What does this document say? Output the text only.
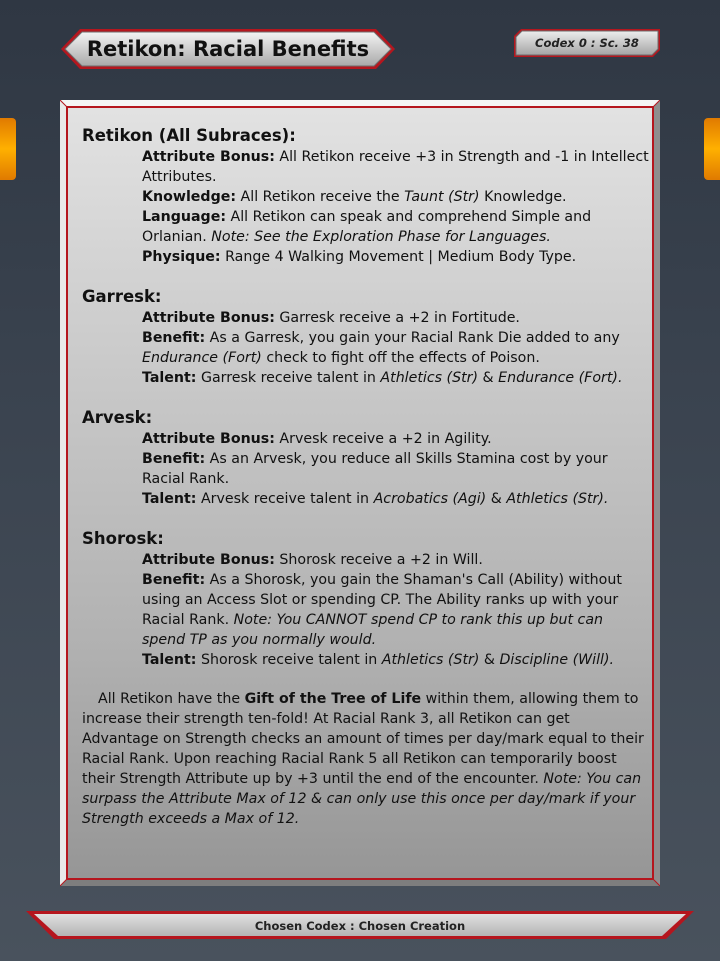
Retikon: Racial Benefits	Codex 0 : Sc. 38
Retikon (All Subraces):
Attribute Bonus: All Retikon receive +3 in Strength and -1 in Intellect Attributes.
Knowledge: All Retikon receive the Taunt (Str) Knowledge.
Language: All Retikon can speak and comprehend Simple and Orlanian. Note: See the Exploration Phase for Languages.
Physique: Range 4 Walking Movement | Medium Body Type.
Garresk:
Attribute Bonus: Garresk receive a +2 in Fortitude.
Benefit: As a Garresk, you gain your Racial Rank Die added to any Endurance (Fort) check to fight off the effects of Poison.
Talent: Garresk receive talent in Athletics (Str) & Endurance (Fort).
Arvesk:
Attribute Bonus: Arvesk receive a +2 in Agility.
Benefit: As an Arvesk, you reduce all Skills Stamina cost by your Racial Rank.
Talent: Arvesk receive talent in Acrobatics (Agi) & Athletics (Str).
Shorosk:
Attribute Bonus: Shorosk receive a +2 in Will.
Benefit: As a Shorosk, you gain the Shaman's Call (Ability) without using an Access Slot or spending CP. The Ability ranks up with your Racial Rank. Note: You CANNOT spend CP to rank this up but can spend TP as you normally would.
Talent: Shorosk receive talent in Athletics (Str) & Discipline (Will).

All Retikon have the Gift of the Tree of Life within them, allowing them to increase their strength ten-fold! At Racial Rank 3, all Retikon can get Advantage on Strength checks an amount of times per day/mark equal to their Racial Rank. Upon reaching Racial Rank 5 all Retikon can temporarily boost their Strength Attribute up by +3 until the end of the encounter. Note: You can surpass the Attribute Max of 12 & can only use this once per day/mark if your Strength exceeds a Max of 12.

Chosen Codex : Chosen Creation
